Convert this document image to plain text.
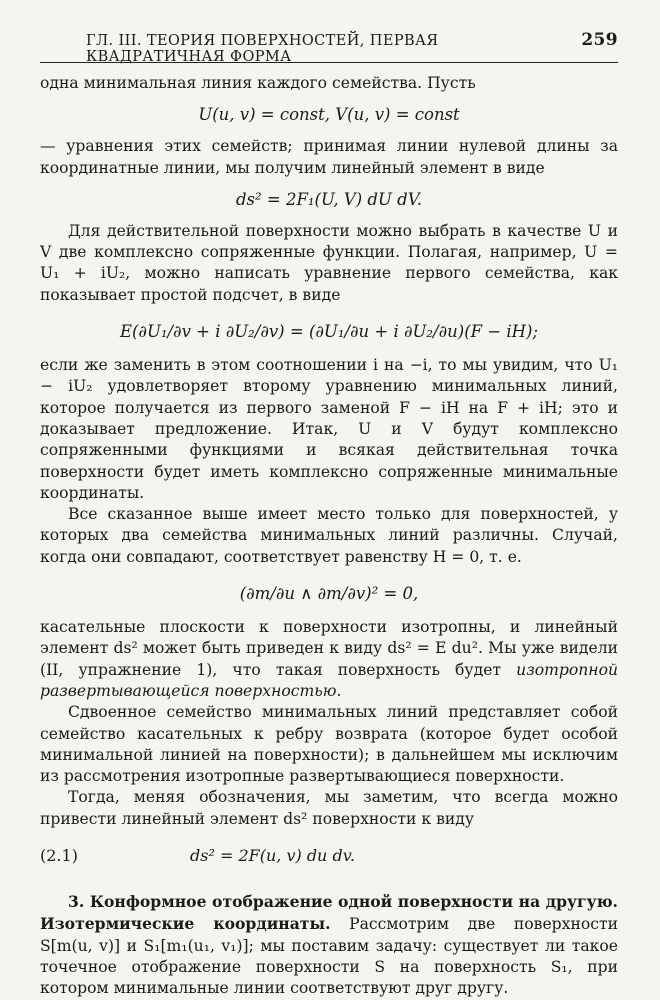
ГЛ. III. ТЕОРИЯ ПОВЕРХНОСТЕЙ, ПЕРВАЯ КВАДРАТИЧНАЯ ФОРМА
259

одна минимальная линия каждого семейства. Пусть

U(u, v) = const, V(u, v) = const

— уравнения этих семейств; принимая линии нулевой длины за координатные линии, мы получим линейный элемент в виде

ds² = 2F₁(U, V) dU dV.

Для действительной поверхности можно выбрать в качестве U и V две комплексно сопряженные функции. Полагая, например, U = U₁ + iU₂, можно написать уравнение первого семейства, как показывает простой подсчет, в виде

E(∂U₁/∂v + i ∂U₂/∂v) = (∂U₁/∂u + i ∂U₂/∂u)(F − iH);

если же заменить в этом соотношении i на −i, то мы увидим, что U₁ − iU₂ удовлетворяет второму уравнению минимальных линий, которое получается из первого заменой F − iH на F + iH; это и доказывает предложение. Итак, U и V будут комплексно сопряженными функциями и всякая действительная точка поверхности будет иметь комплексно сопряженные минимальные координаты.

Все сказанное выше имеет место только для поверхностей, у которых два семейства минимальных линий различны. Случай, когда они совпадают, соответствует равенству H = 0, т. е.

(∂m/∂u ∧ ∂m/∂v)² = 0,

касательные плоскости к поверхности изотропны, и линейный элемент ds² может быть приведен к виду ds² = E du². Мы уже видели (II, упражнение 1), что такая поверхность будет изотропной развертывающейся поверхностью.

Сдвоенное семейство минимальных линий представляет собой семейство касательных к ребру возврата (которое будет особой минимальной линией на поверхности); в дальнейшем мы исключим из рассмотрения изотропные развертывающиеся поверхности.

Тогда, меняя обозначения, мы заметим, что всегда можно привести линейный элемент ds² поверхности к виду

(2.1)	ds² = 2F(u, v) du dv.

3. Конформное отображение одной поверхности на другую. Изотермические координаты. Рассмотрим две поверхности S[m(u, v)] и S₁[m₁(u₁, v₁)]; мы поставим задачу: существует ли такое точечное отображение поверхности S на поверхность S₁, при котором минимальные линии соответствуют друг другу.
